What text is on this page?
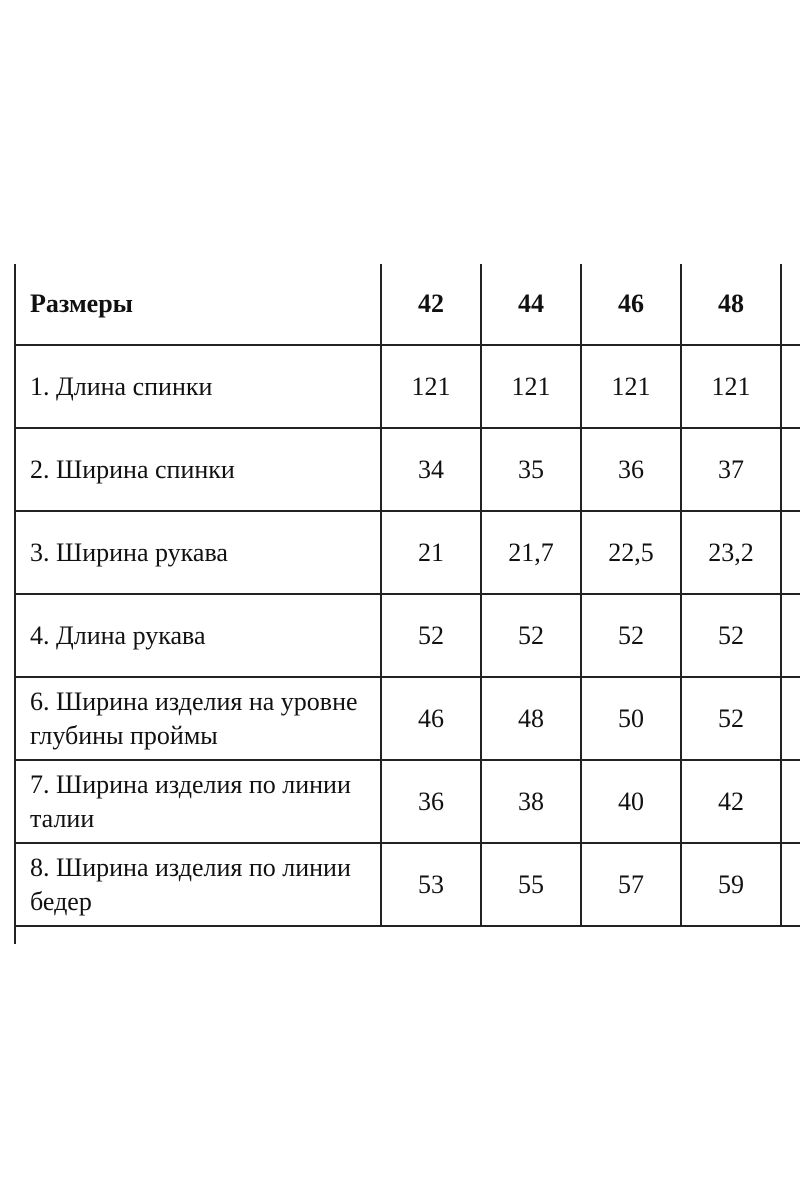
Размеры	42	44	46	48	
1. Длина спинки	121	121	121	121	
2. Ширина спинки	34	35	36	37	
3. Ширина рукава	21	21,7	22,5	23,2	
4. Длина рукава	52	52	52	52	
6. Ширина изделия на уровне глубины проймы	46	48	50	52	
7. Ширина изделия по линии талии	36	38	40	42	
8. Ширина изделия по линии бедер	53	55	57	59	
